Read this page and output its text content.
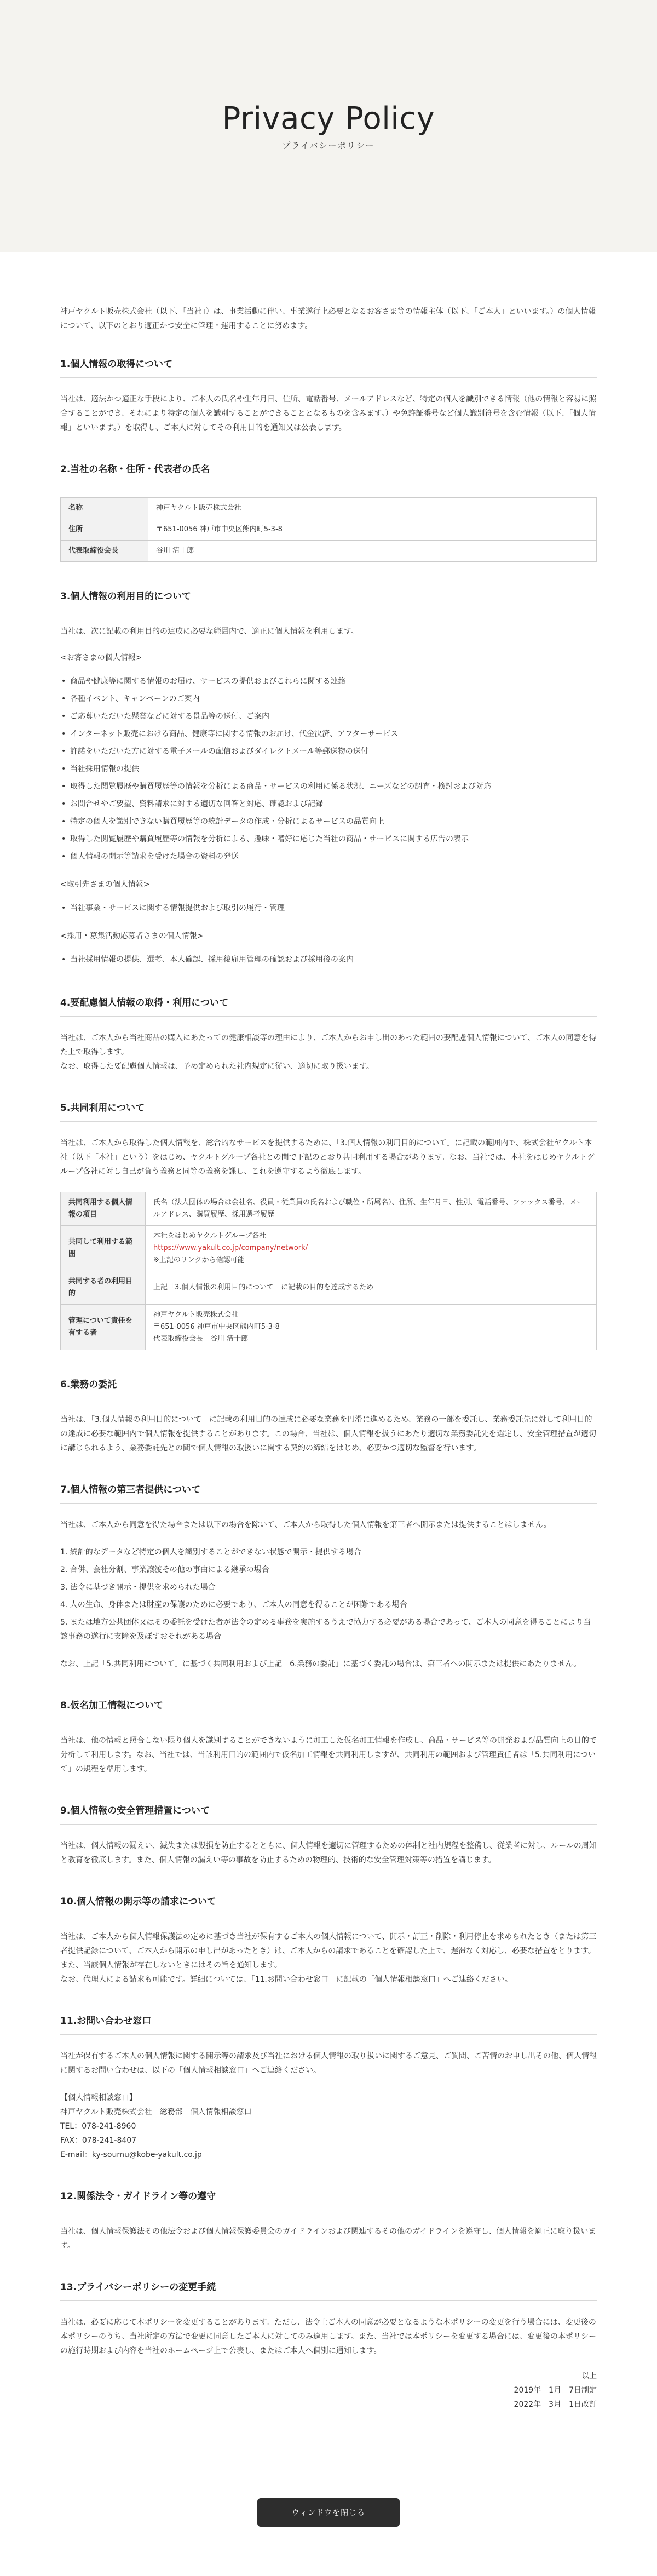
Privacy Policy
プライバシーポリシー

神戸ヤクルト販売株式会社（以下、「当社」）は、事業活動に伴い、事業遂行上必要となるお客さま等の情報主体（以下、「ご本人」といいます。）の個人情報について、以下のとおり適正かつ安全に管理・運用することに努めます。

1.個人情報の取得について

当社は、適法かつ適正な手段により、ご本人の氏名や生年月日、住所、電話番号、メールアドレスなど、特定の個人を識別できる情報（他の情報と容易に照合することができ、それにより特定の個人を識別することができることとなるものを含みます。）や免許証番号など個人識別符号を含む情報（以下、「個人情報」といいます。）を取得し、ご本人に対してその利用目的を通知又は公表します。

2.当社の名称・住所・代表者の氏名
名称	神戸ヤクルト販売株式会社
住所	〒651-0056 神戸市中央区熊内町5-3-8
代表取締役会長	谷川 清十郎
3.個人情報の利用目的について

当社は、次に記載の利用目的の達成に必要な範囲内で、適正に個人情報を利用します。

<お客さまの個人情報>

• 商品や健康等に関する情報のお届け、サービスの提供およびこれらに関する連絡
• 各種イベント、キャンペーンのご案内
• ご応募いただいた懸賞などに対する景品等の送付、ご案内
• インターネット販売における商品、健康等に関する情報のお届け、代金決済、アフターサービス
• 許諾をいただいた方に対する電子メールの配信およびダイレクトメール等郵送物の送付
• 当社採用情報の提供
• 取得した閲覧履歴や購買履歴等の情報を分析による商品・サービスの利用に係る状況、ニーズなどの調査・検討および対応
• お問合せやご要望、資料請求に対する適切な回答と対応、確認および記録
• 特定の個人を識別できない購買履歴等の統計データの作成・分析によるサービスの品質向上
• 取得した閲覧履歴や購買履歴等の情報を分析による、趣味・嗜好に応じた当社の商品・サービスに関する広告の表示
• 個人情報の開示等請求を受けた場合の資料の発送

<取引先さまの個人情報>

• 当社事業・サービスに関する情報提供および取引の履行・管理

<採用・募集活動応募者さまの個人情報>

• 当社採用情報の提供、選考、本人確認、採用後雇用管理の確認および採用後の案内
4.要配慮個人情報の取得・利用について

当社は、ご本人から当社商品の購入にあたっての健康相談等の理由により、ご本人からお申し出のあった範囲の要配慮個人情報について、ご本人の同意を得た上で取得します。

なお、取得した要配慮個人情報は、予め定められた社内規定に従い、適切に取り扱います。

5.共同利用について

当社は、ご本人から取得した個人情報を、総合的なサービスを提供するために、「3.個人情報の利用目的について」に記載の範囲内で、株式会社ヤクルト本社（以下「本社」という）をはじめ、ヤクルトグループ各社との間で下記のとおり共同利用する場合があります。なお、当社では、本社をはじめヤクルトグループ各社に対し自己が負う義務と同等の義務を課し、これを遵守するよう徹底します。

共同利用する個人情報の項目	氏名（法人団体の場合は会社名、役員・従業員の氏名および職位・所属名）、住所、生年月日、性別、電話番号、ファックス番号、メールアドレス、購買履歴、採用選考履歴
共同して利用する範囲	本社をはじめヤクルトグループ各社
https://www.yakult.co.jp/company/network/
※上記のリンクから確認可能

共同する者の利用目的	上記「3.個人情報の利用目的について」に記載の目的を達成するため
管理について責任を有する者	神戸ヤクルト販売株式会社
〒651-0056 神戸市中央区熊内町5-3-8
代表取締役会長　谷川 清十郎
6.業務の委託

当社は、「3.個人情報の利用目的について」に記載の利用目的の達成に必要な業務を円滑に進めるため、業務の一部を委託し、業務委託先に対して利用目的の達成に必要な範囲内で個人情報を提供することがあります。この場合、当社は、個人情報を扱うにあたり適切な業務委託先を選定し、安全管理措置が適切に講じられるよう、業務委託先との間で個人情報の取扱いに関する契約の締結をはじめ、必要かつ適切な監督を行います。

7.個人情報の第三者提供について

当社は、ご本人から同意を得た場合または以下の場合を除いて、ご本人から取得した個人情報を第三者へ開示または提供することはしません。

1. 統計的なデータなど特定の個人を識別することができない状態で開示・提供する場合
2. 合併、会社分割、事業譲渡その他の事由による継承の場合
3. 法令に基づき開示・提供を求められた場合
4. 人の生命、身体または財産の保護のために必要であり、ご本人の同意を得ることが困難である場合
5. または地方公共団体又はその委託を受けた者が法令の定める事務を実施するうえで協力する必要がある場合であって、ご本人の同意を得ることにより当該事務の遂行に支障を及ぼすおそれがある場合

なお、上記「5.共同利用について」に基づく共同利用および上記「6.業務の委託」に基づく委託の場合は、第三者への開示または提供にあたりません。

8.仮名加工情報について

当社は、他の情報と照合しない限り個人を識別することができないように加工した仮名加工情報を作成し、商品・サービス等の開発および品質向上の目的で分析して利用します。なお、当社では、当該利用目的の範囲内で仮名加工情報を共同利用しますが、共同利用の範囲および管理責任者は「5.共同利用について」の規程を準用します。

9.個人情報の安全管理措置について

当社は、個人情報の漏えい、滅失または毀損を防止するとともに、個人情報を適切に管理するための体制と社内規程を整備し、従業者に対し、ルールの周知と教育を徹底します。また、個人情報の漏えい等の事故を防止するための物理的、技術的な安全管理対策等の措置を講じます。

10.個人情報の開示等の請求について

当社は、ご本人から個人情報保護法の定めに基づき当社が保有するご本人の個人情報について、開示・訂正・削除・利用停止を求められたとき（または第三者提供記録について、ご本人から開示の申し出があったとき）は、ご本人からの請求であることを確認した上で、遅滞なく対応し、必要な措置をとります。また、当該個人情報が存在しないときにはその旨を通知します。

なお、代理人による請求も可能です。詳細については、「11.お問い合わせ窓口」に記載の「個人情報相談窓口」へご連絡ください。

11.お問い合わせ窓口

当社が保有するご本人の個人情報に関する開示等の請求及び当社における個人情報の取り扱いに関するご意見、ご質問、ご苦情のお申し出その他、個人情報に関するお問い合わせは、以下の「個人情報相談窓口」へご連絡ください。

【個人情報相談窓口】

神戸ヤクルト販売株式会社　総務部　個人情報相談窓口

TEL：078-241-8960

FAX：078-241-8407

E-mail：ky-soumu@kobe-yakult.co.jp

12.関係法令・ガイドライン等の遵守

当社は、個人情報保護法その他法令および個人情報保護委員会のガイドラインおよび関連するその他のガイドラインを遵守し、個人情報を適正に取り扱います。

13.プライバシーポリシーの変更手続

当社は、必要に応じて本ポリシーを変更することがあります。ただし、法令上ご本人の同意が必要となるような本ポリシーの変更を行う場合には、変更後の本ポリシーのうち、当社所定の方法で変更に同意したご本人に対してのみ適用します。また、当社では本ポリシーを変更する場合には、変更後の本ポリシーの施行時期および内容を当社のホームページ上で公表し、またはご本人へ個別に通知します。

以上

2019年　1月　7日制定

2022年　3月　1日改訂

ウィンドウを閉じる
